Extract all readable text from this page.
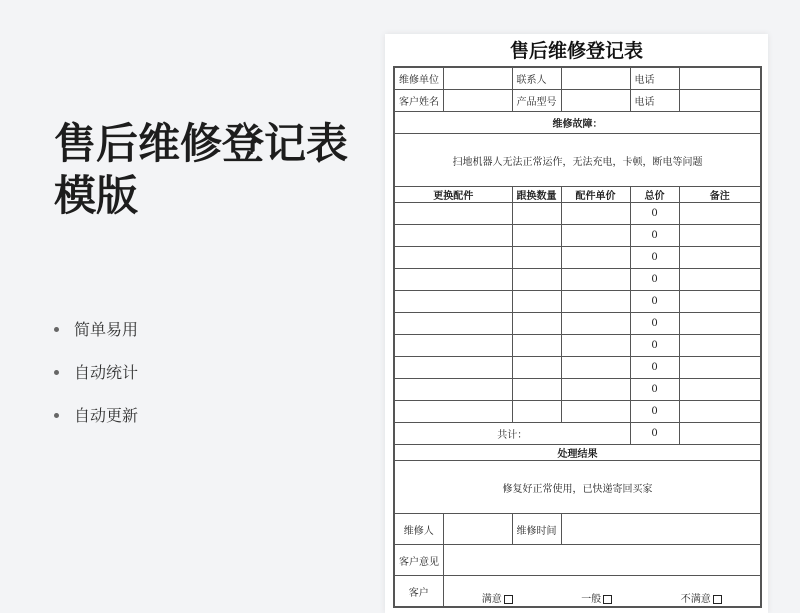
售后维修登记表模版
简单易用
自动统计
自动更新
售后维修登记表
维修单位		联系人		电话	
客户姓名		产品型号		电话	
维修故障：					
扫地机器人无法正常运作，无法充电，卡顿，断电等问题					
更换配件		跟换数量	配件单价	总价	备注
				0	
				0	
				0	
				0	
				0	
				0	
				0	
				0	
				0	
				0	
共计：				0	
处理结果					
修复好正常使用，已快递寄回买家					
维修人		维修时间			
客户意见					
客户	满意 一般 不满意				
